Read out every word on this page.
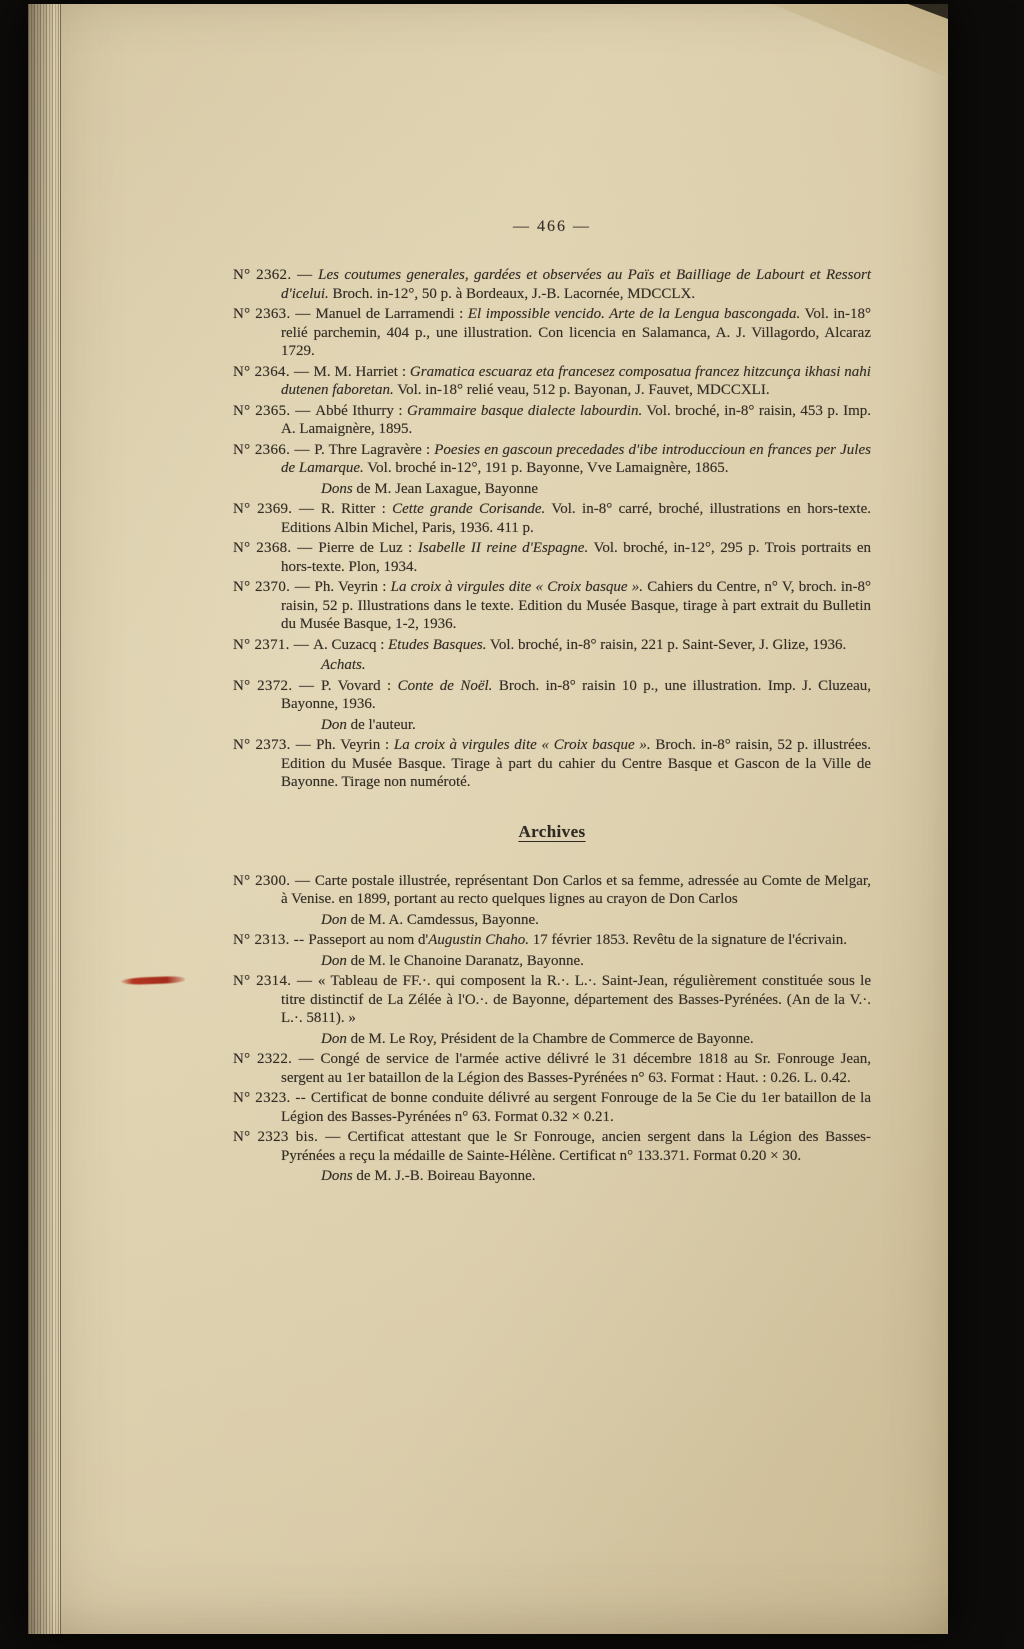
— 466 —
N° 2362. — Les coutumes generales, gardées et observées au Païs et Bailliage de Labourt et Ressort d'icelui. Broch. in-12°, 50 p. à Bordeaux, J.-B. Lacornée, MDCCLX.
N° 2363. — Manuel de Larramendi : El impossible vencido. Arte de la Lengua bascongada. Vol. in-18° relié parchemin, 404 p., une illustration. Con licencia en Salamanca, A. J. Villagordo, Alcaraz 1729.
N° 2364. — M. M. Harriet : Gramatica escuaraz eta francesez composatua francez hitzcunça ikhasi nahi dutenen faboretan. Vol. in-18° relié veau, 512 p. Bayonan, J. Fauvet, MDCCXLI.
N° 2365. — Abbé Ithurry : Grammaire basque dialecte labourdin. Vol. broché, in-8° raisin, 453 p. Imp. A. Lamaignère, 1895.
N° 2366. — P. Thre Lagravère : Poesies en gascoun precedades d'ibe introduccioun en frances per Jules de Lamarque. Vol. broché in-12°, 191 p. Bayonne, Vve Lamaignère, 1865.
Dons de M. Jean Laxague, Bayonne
N° 2369. — R. Ritter : Cette grande Corisande. Vol. in-8° carré, broché, illustrations en hors-texte. Editions Albin Michel, Paris, 1936. 411 p.
N° 2368. — Pierre de Luz : Isabelle II reine d'Espagne. Vol. broché, in-12°, 295 p. Trois portraits en hors-texte. Plon, 1934.
N° 2370. — Ph. Veyrin : La croix à virgules dite « Croix basque ». Cahiers du Centre, n° V, broch. in-8° raisin, 52 p. Illustrations dans le texte. Edition du Musée Basque, tirage à part extrait du Bulletin du Musée Basque, 1-2, 1936.
N° 2371. — A. Cuzacq : Etudes Basques. Vol. broché, in-8° raisin, 221 p. Saint-Sever, J. Glize, 1936.
Achats.
N° 2372. — P. Vovard : Conte de Noël. Broch. in-8° raisin 10 p., une illustration. Imp. J. Cluzeau, Bayonne, 1936.
Don de l'auteur.
N° 2373. — Ph. Veyrin : La croix à virgules dite « Croix basque ». Broch. in-8° raisin, 52 p. illustrées. Edition du Musée Basque. Tirage à part du cahier du Centre Basque et Gascon de la Ville de Bayonne. Tirage non numéroté.
Archives
N° 2300. — Carte postale illustrée, représentant Don Carlos et sa femme, adressée au Comte de Melgar, à Venise. en 1899, portant au recto quelques lignes au crayon de Don Carlos
Don de M. A. Camdessus, Bayonne.
N° 2313. -- Passeport au nom d'Augustin Chaho. 17 février 1853. Revêtu de la signature de l'écrivain.
Don de M. le Chanoine Daranatz, Bayonne.
N° 2314. — « Tableau de FF.·. qui composent la R.·. L.·. Saint-Jean, régulièrement constituée sous le titre distinctif de La Zélée à l'O.·. de Bayonne, département des Basses-Pyrénées. (An de la V.·. L.·. 5811). »
Don de M. Le Roy, Président de la Chambre de Commerce de Bayonne.
N° 2322. — Congé de service de l'armée active délivré le 31 décembre 1818 au Sr. Fonrouge Jean, sergent au 1er bataillon de la Légion des Basses-Pyrénées n° 63. Format : Haut. : 0.26. L. 0.42.
N° 2323. -- Certificat de bonne conduite délivré au sergent Fonrouge de la 5e Cie du 1er bataillon de la Légion des Basses-Pyrénées n° 63. Format 0.32 × 0.21.
N° 2323 bis. — Certificat attestant que le Sr Fonrouge, ancien sergent dans la Légion des Basses-Pyrénées a reçu la médaille de Sainte-Hélène. Certificat n° 133.371. Format 0.20 × 30.
Dons de M. J.-B. Boireau Bayonne.
